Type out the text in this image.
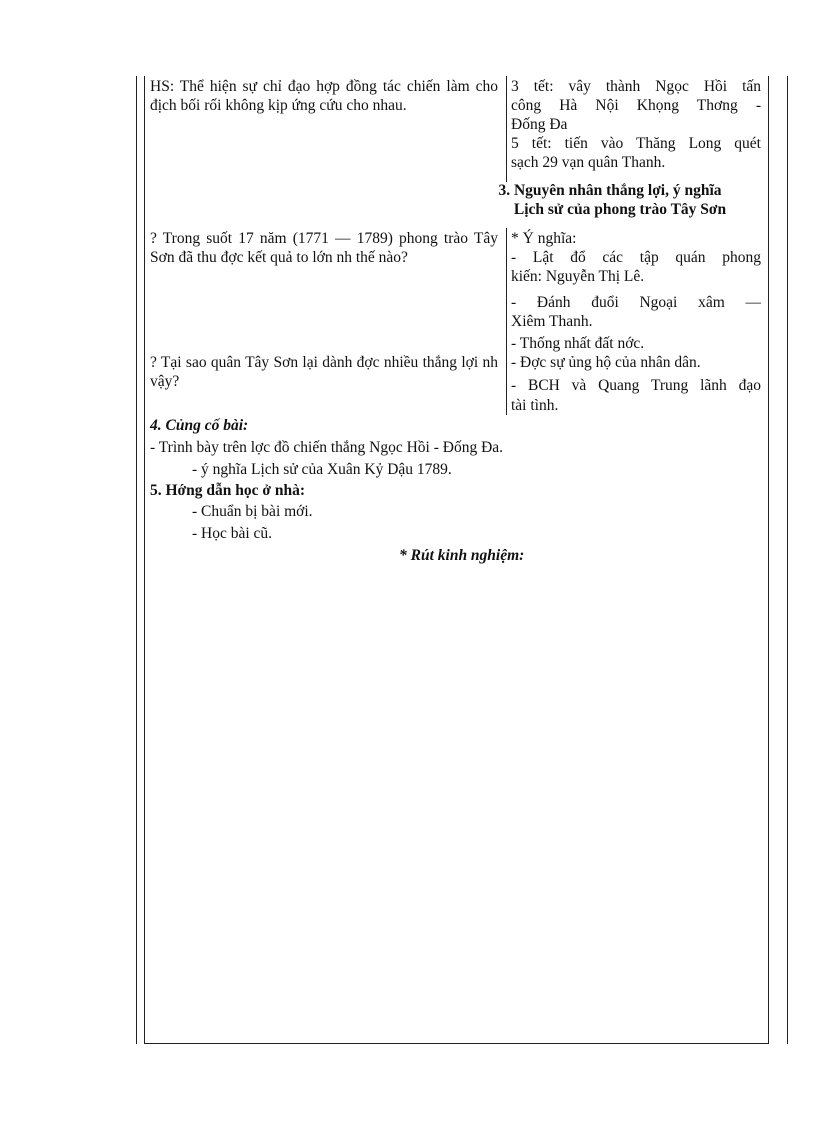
HS: Thể hiện sự chỉ đạo hợp đồng tác chiến làm cho địch bối rối không kịp ứng cứu cho nhau.
3 tết: vây thành Ngọc Hồi tấn
công Hà Nội Khọng Thơng -
Đống Đa
5 tết: tiến vào Thăng Long quét
sạch 29 vạn quân Thanh.
3. Nguyên nhân thắng lợi, ý nghĩa
Lịch sử của phong trào Tây Sơn
? Trong suốt 17 năm (1771 — 1789) phong trào Tây Sơn đã thu đợc kết quả to lớn nh thế nào?
? Tại sao quân Tây Sơn lại dành đợc nhiều thắng lợi nh vậy?
* Ý nghĩa:
- Lật đổ các tập quán phong
kiến: Nguyễn Thị Lê.
- Đánh đuổi Ngoại xâm —
Xiêm Thanh.
- Thống nhất đất nớc.
- Đợc sự ủng hộ của nhân dân.
- BCH và Quang Trung lãnh đạo
tài tình.
4. Củng cố bài:
- Trình bày trên lợc đồ chiến thắng Ngọc Hồi - Đống Đa.
- ý nghĩa Lịch sử của Xuân Kỷ Dậu 1789.
5. Hớng dẫn học ở nhà:
- Chuẩn bị bài mới.
- Học bài cũ.
* Rút kinh nghiệm:
